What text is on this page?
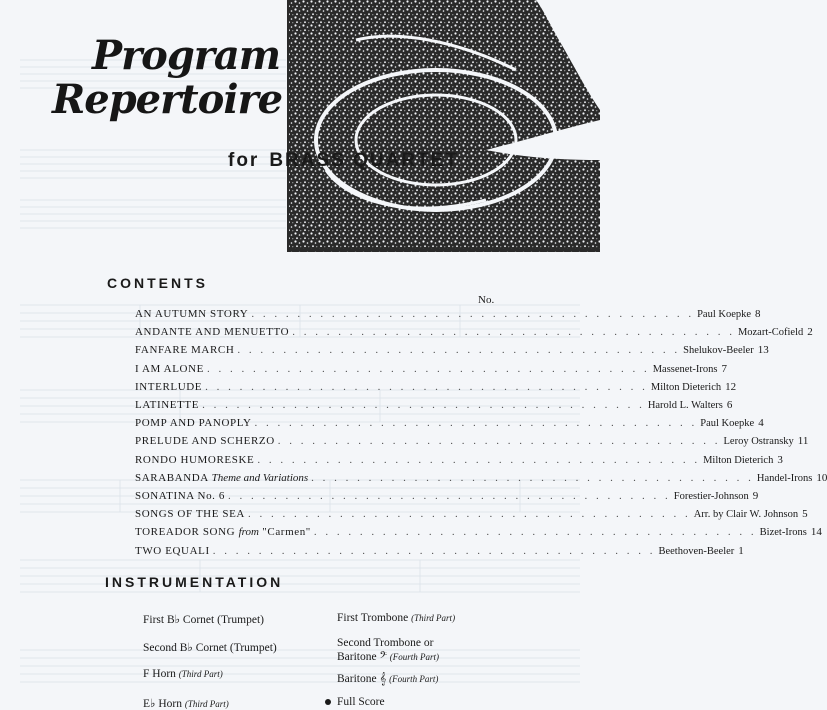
Program
Repertoire
for BRASS QUARTET
CONTENTS
No.
AN AUTUMN STORY . . . . . . . . . . . . . . . . . . . . . . . . . . . . . . . . . . . . . . . Paul Koepke 8
ANDANTE AND MENUETTO . . . . . . . . . . . . . . . . . . . . . . . . . . . . . . . . . . . . . . . Mozart-Cofield 2
FANFARE MARCH . . . . . . . . . . . . . . . . . . . . . . . . . . . . . . . . . . . . . . . Shelukov-Beeler 13
I AM ALONE . . . . . . . . . . . . . . . . . . . . . . . . . . . . . . . . . . . . . . . Massenet-Irons 7
INTERLUDE . . . . . . . . . . . . . . . . . . . . . . . . . . . . . . . . . . . . . . . Milton Dieterich 12
LATINETTE . . . . . . . . . . . . . . . . . . . . . . . . . . . . . . . . . . . . . . . Harold L. Walters 6
POMP AND PANOPLY . . . . . . . . . . . . . . . . . . . . . . . . . . . . . . . . . . . . . . . Paul Koepke 4
PRELUDE AND SCHERZO . . . . . . . . . . . . . . . . . . . . . . . . . . . . . . . . . . . . . . . Leroy Ostransky 11
RONDO HUMORESKE . . . . . . . . . . . . . . . . . . . . . . . . . . . . . . . . . . . . . . . Milton Dieterich 3
SARABANDA Theme and Variations . . . . . . . . . . . . . . . . . . . . . . . . . . . . . . . . . . . . . . . Handel-Irons 10
SONATINA No. 6 . . . . . . . . . . . . . . . . . . . . . . . . . . . . . . . . . . . . . . . Forestier-Johnson 9
SONGS OF THE SEA . . . . . . . . . . . . . . . . . . . . . . . . . . . . . . . . . . . . . . . Arr. by Clair W. Johnson 5
TOREADOR SONG from "Carmen" . . . . . . . . . . . . . . . . . . . . . . . . . . . . . . . . . . . . . . . Bizet-Irons 14
TWO EQUALI . . . . . . . . . . . . . . . . . . . . . . . . . . . . . . . . . . . . . . . Beethoven-Beeler 1
INSTRUMENTATION
First B♭ Cornet (Trumpet)
Second B♭ Cornet (Trumpet)
F Horn (Third Part)
E♭ Horn (Third Part)
First Trombone (Third Part)
Second Trombone or
Baritone 𝄢 (Fourth Part)
Baritone 𝄞 (Fourth Part)
Full Score
